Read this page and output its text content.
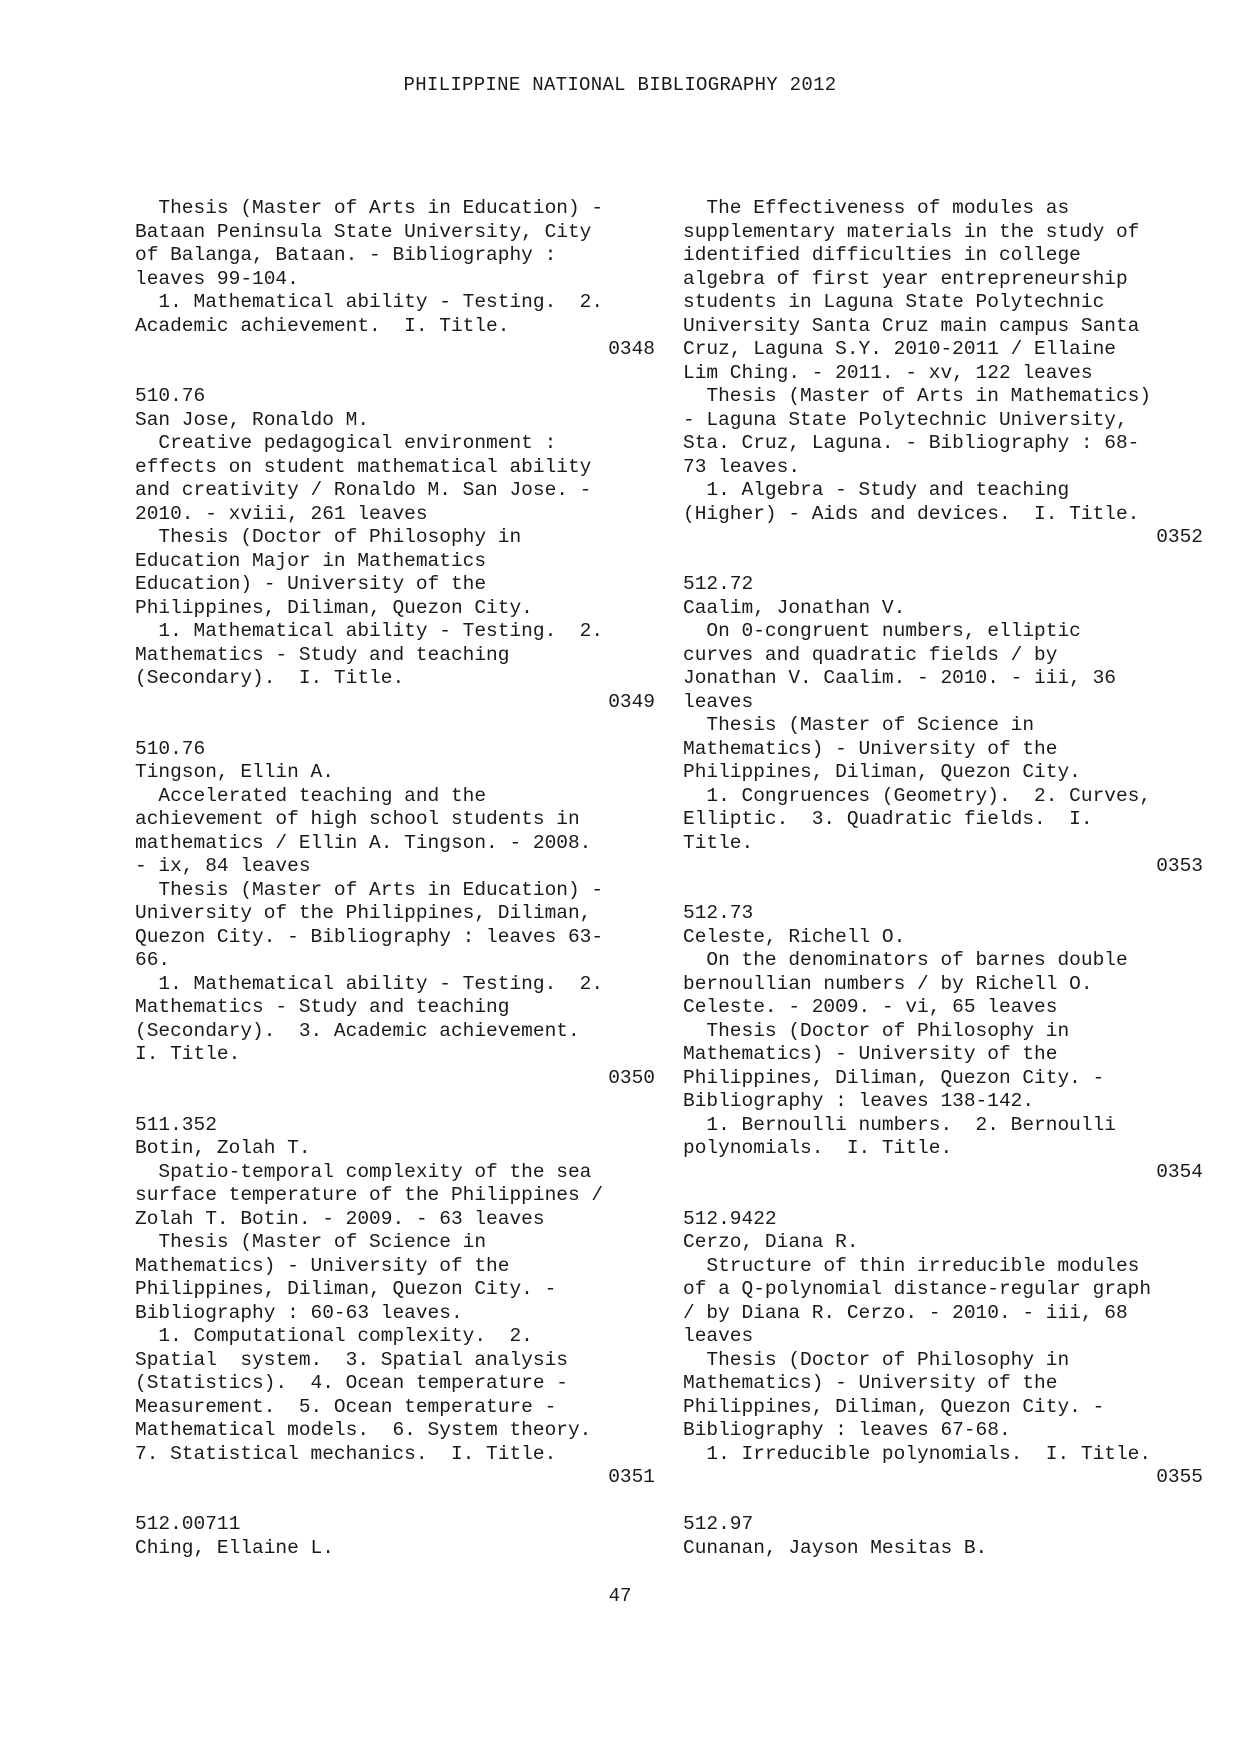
PHILIPPINE NATIONAL BIBLIOGRAPHY 2012
Thesis (Master of Arts in Education) -
Bataan Peninsula State University, City
of Balanga, Bataan. - Bibliography :
leaves 99-104.
1. Mathematical ability - Testing.  2.
Academic achievement.  I. Title.
0348
510.76
San Jose, Ronaldo M.
Creative pedagogical environment :
effects on student mathematical ability
and creativity / Ronaldo M. San Jose. -
2010. - xviii, 261 leaves
Thesis (Doctor of Philosophy in
Education Major in Mathematics
Education) - University of the
Philippines, Diliman, Quezon City.
1. Mathematical ability - Testing.  2.
Mathematics - Study and teaching
(Secondary).  I. Title.
0349
510.76
Tingson, Ellin A.
Accelerated teaching and the
achievement of high school students in
mathematics / Ellin A. Tingson. - 2008.
- ix, 84 leaves
Thesis (Master of Arts in Education) -
University of the Philippines, Diliman,
Quezon City. - Bibliography : leaves 63-
66.
1. Mathematical ability - Testing.  2.
Mathematics - Study and teaching
(Secondary).  3. Academic achievement.
I. Title.
0350
511.352
Botin, Zolah T.
Spatio-temporal complexity of the sea
surface temperature of the Philippines /
Zolah T. Botin. - 2009. - 63 leaves
Thesis (Master of Science in
Mathematics) - University of the
Philippines, Diliman, Quezon City. -
Bibliography : 60-63 leaves.
1. Computational complexity.  2.
Spatial  system.  3. Spatial analysis
(Statistics).  4. Ocean temperature -
Measurement.  5. Ocean temperature -
Mathematical models.  6. System theory.
7. Statistical mechanics.  I. Title.
0351
512.00711
Ching, Ellaine L.
The Effectiveness of modules as
supplementary materials in the study of
identified difficulties in college
algebra of first year entrepreneurship
students in Laguna State Polytechnic
University Santa Cruz main campus Santa
Cruz, Laguna S.Y. 2010-2011 / Ellaine
Lim Ching. - 2011. - xv, 122 leaves
Thesis (Master of Arts in Mathematics)
- Laguna State Polytechnic University,
Sta. Cruz, Laguna. - Bibliography : 68-
73 leaves.
1. Algebra - Study and teaching
(Higher) - Aids and devices.  I. Title.
0352
512.72
Caalim, Jonathan V.
On 0-congruent numbers, elliptic
curves and quadratic fields / by
Jonathan V. Caalim. - 2010. - iii, 36
leaves
Thesis (Master of Science in
Mathematics) - University of the
Philippines, Diliman, Quezon City.
1. Congruences (Geometry).  2. Curves,
Elliptic.  3. Quadratic fields.  I.
Title.
0353
512.73
Celeste, Richell O.
On the denominators of barnes double
bernoullian numbers / by Richell O.
Celeste. - 2009. - vi, 65 leaves
Thesis (Doctor of Philosophy in
Mathematics) - University of the
Philippines, Diliman, Quezon City. -
Bibliography : leaves 138-142.
1. Bernoulli numbers.  2. Bernoulli
polynomials.  I. Title.
0354
512.9422
Cerzo, Diana R.
Structure of thin irreducible modules
of a Q-polynomial distance-regular graph
/ by Diana R. Cerzo. - 2010. - iii, 68
leaves
Thesis (Doctor of Philosophy in
Mathematics) - University of the
Philippines, Diliman, Quezon City. -
Bibliography : leaves 67-68.
1. Irreducible polynomials.  I. Title.
0355
512.97
Cunanan, Jayson Mesitas B.
47
